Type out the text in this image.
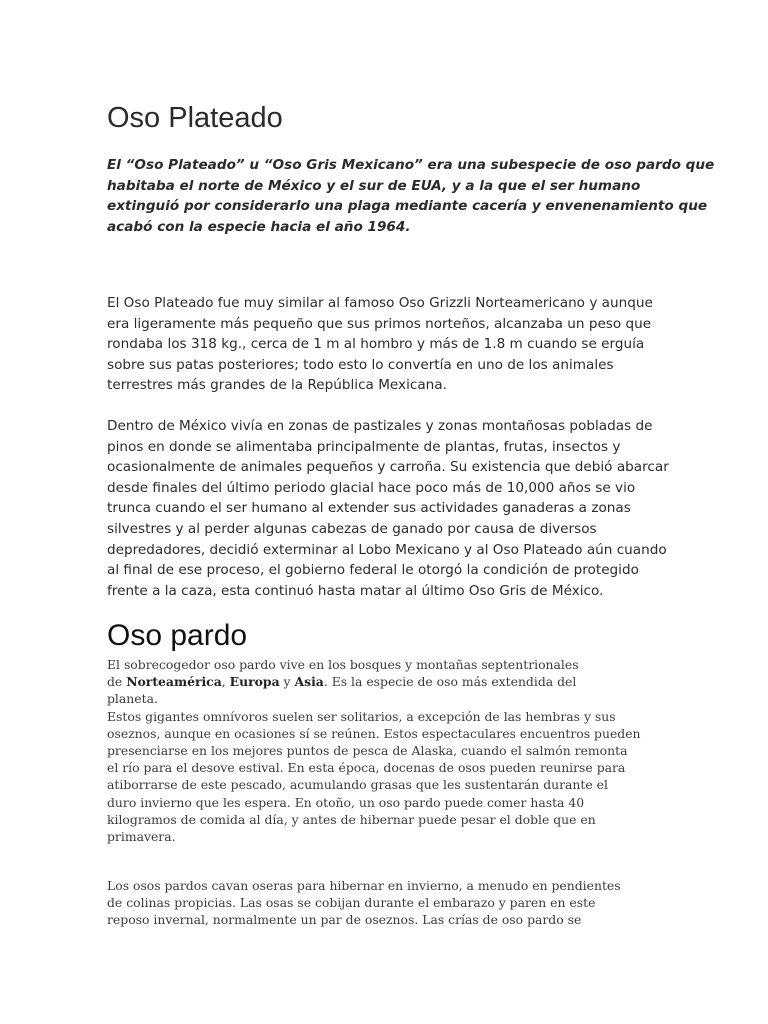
Oso Plateado

El “Oso Plateado” u “Oso Gris Mexicano” era una subespecie de oso pardo que
habitaba el norte de México y el sur de EUA, y a la que el ser humano
extinguió por considerarlo una plaga mediante cacería y envenenamiento que
acabó con la especie hacia el año 1964.

El Oso Plateado fue muy similar al famoso Oso Grizzli Norteamericano y aunque
era ligeramente más pequeño que sus primos norteños, alcanzaba un peso que
rondaba los 318 kg., cerca de 1 m al hombro y más de 1.8 m cuando se erguía
sobre sus patas posteriores; todo esto lo convertía en uno de los animales
terrestres más grandes de la República Mexicana.

Dentro de México vivía en zonas de pastizales y zonas montañosas pobladas de
pinos en donde se alimentaba principalmente de plantas, frutas, insectos y
ocasionalmente de animales pequeños y carroña. Su existencia que debió abarcar
desde finales del último periodo glacial hace poco más de 10,000 años se vio
trunca cuando el ser humano al extender sus actividades ganaderas a zonas
silvestres y al perder algunas cabezas de ganado por causa de diversos
depredadores, decidió exterminar al Lobo Mexicano y al Oso Plateado aún cuando
al final de ese proceso, el gobierno federal le otorgó la condición de protegido
frente a la caza, esta continuó hasta matar al último Oso Gris de México.

Oso pardo
El sobrecogedor oso pardo vive en los bosques y montañas septentrionales
de Norteamérica, Europa y Asia. Es la especie de oso más extendida del
planeta.
Estos gigantes omnívoros suelen ser solitarios, a excepción de las hembras y sus
oseznos, aunque en ocasiones sí se reúnen. Estos espectaculares encuentros pueden
presenciarse en los mejores puntos de pesca de Alaska, cuando el salmón remonta
el río para el desove estival. En esta época, docenas de osos pueden reunirse para
atiborrarse de este pescado, acumulando grasas que les sustentarán durante el
duro invierno que les espera. En otoño, un oso pardo puede comer hasta 40
kilogramos de comida al día, y antes de hibernar puede pesar el doble que en
primavera.
Los osos pardos cavan oseras para hibernar en invierno, a menudo en pendientes
de colinas propicias. Las osas se cobijan durante el embarazo y paren en este
reposo invernal, normalmente un par de oseznos. Las crías de oso pardo se
